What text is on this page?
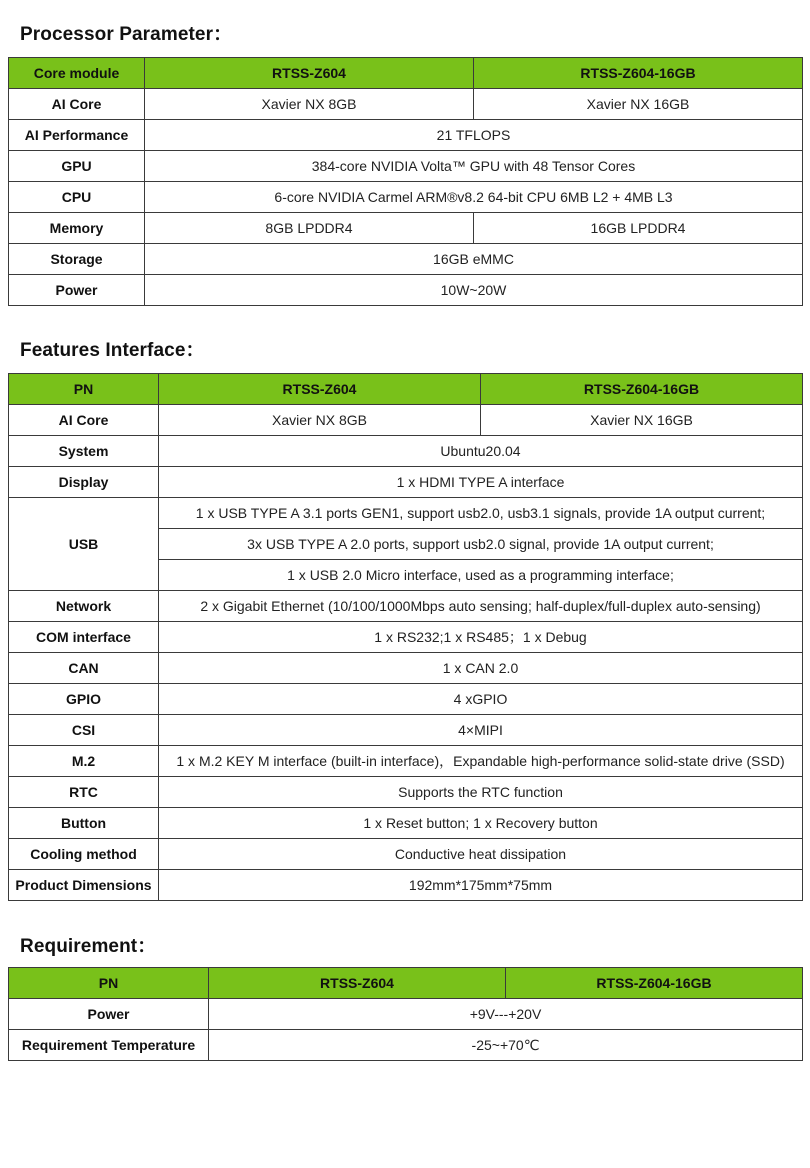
Processor Parameter：
Core module	RTSS-Z604	RTSS-Z604-16GB
AI Core	Xavier NX 8GB	Xavier NX 16GB
AI Performance	21 TFLOPS	
GPU	384-core NVIDIA Volta™ GPU with 48 Tensor Cores	
CPU	6-core NVIDIA Carmel ARM®v8.2 64-bit CPU 6MB L2 + 4MB L3	
Memory	8GB LPDDR4	16GB LPDDR4
Storage	16GB eMMC	
Power	10W~20W	
Features Interface：
PN	RTSS-Z604	RTSS-Z604-16GB
AI Core	Xavier NX 8GB	Xavier NX 16GB
System	Ubuntu20.04	
Display	1 x HDMI TYPE A interface	
USB	1 x USB TYPE A 3.1 ports GEN1, support usb2.0, usb3.1 signals, provide 1A output current;	
	3x USB TYPE A 2.0 ports, support usb2.0 signal, provide 1A output current;	
	1 x USB 2.0 Micro interface, used as a programming interface;	
Network	2 x Gigabit Ethernet (10/100/1000Mbps auto sensing; half-duplex/full-duplex auto-sensing)	
COM interface	1 x RS232;1 x RS485；1 x Debug	
CAN	1 x CAN 2.0	
GPIO	4 xGPIO	
CSI	4×MIPI	
M.2	1 x M.2 KEY M interface (built-in interface)，Expandable high-performance solid-state drive (SSD)	
RTC	Supports the RTC function	
Button	1 x Reset button; 1 x Recovery button	
Cooling method	Conductive heat dissipation	
Product Dimensions	192mm*175mm*75mm	
Requirement：
PN	RTSS-Z604	RTSS-Z604-16GB
Power	+9V---+20V	
Requirement Temperature	-25~+70℃	
